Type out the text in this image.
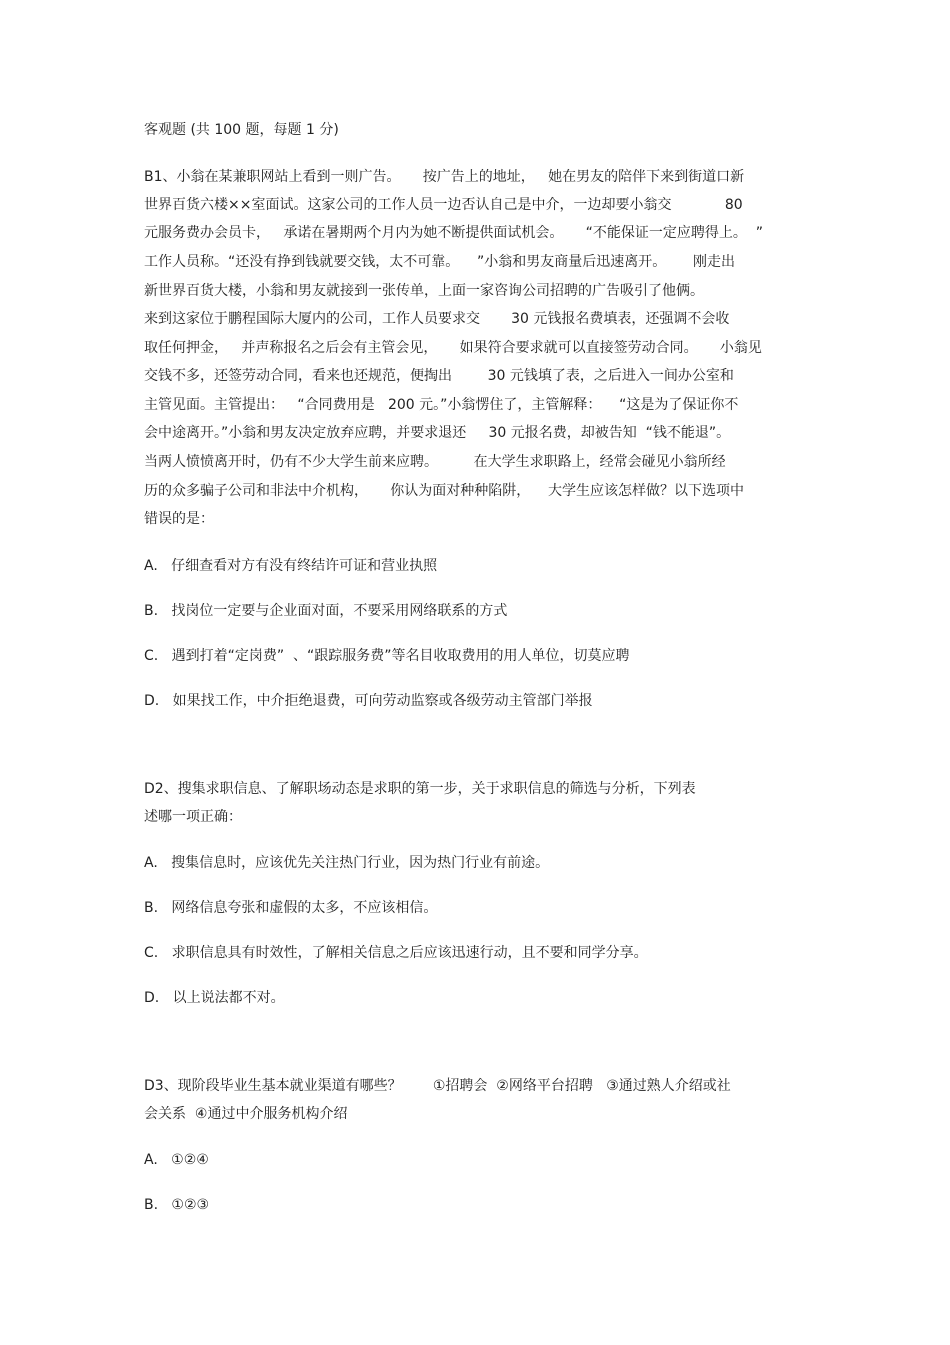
客观题 (共 100 题，每题 1 分)

B1、小翁在某兼职网站上看到一则广告。     按广告上的地址，   她在男友的陪伴下来到街道口新

世界百货六楼××室面试。这家公司的工作人员一边否认自己是中介，一边却要小翁交            80

元服务费办会员卡，   承诺在暑期两个月内为她不断提供面试机会。     “不能保证一定应聘得上。  ”

工作人员称。“还没有挣到钱就要交钱，太不可靠。    ”小翁和男友商量后迅速离开。      刚走出

新世界百货大楼，小翁和男友就接到一张传单，上面一家咨询公司招聘的广告吸引了他俩。

来到这家位于鹏程国际大厦内的公司，工作人员要求交       30 元钱报名费填表，还强调不会收

取任何押金，   并声称报名之后会有主管会见，     如果符合要求就可以直接签劳动合同。     小翁见

交钱不多，还签劳动合同，看来也还规范，便掏出        30 元钱填了表，之后进入一间办公室和

主管见面。主管提出：   “合同费用是   200 元。”小翁愣住了，主管解释：    “这是为了保证你不

会中途离开。”小翁和男友决定放弃应聘，并要求退还     30 元报名费，却被告知  “钱不能退”。

当两人愤愤离开时，仍有不少大学生前来应聘。        在大学生求职路上，经常会碰见小翁所经

历的众多骗子公司和非法中介机构，     你认为面对种种陷阱，    大学生应该怎样做？以下选项中

错误的是：

A. 仔细查看对方有没有终结许可证和营业执照
B. 找岗位一定要与企业面对面，不要采用网络联系的方式
C. 遇到打着“定岗费”  、“跟踪服务费”等名目收取费用的用人单位，切莫应聘
D. 如果找工作，中介拒绝退费，可向劳动监察或各级劳动主管部门举报

D2、搜集求职信息、了解职场动态是求职的第一步，关于求职信息的筛选与分析，下列表

述哪一项正确：

A. 搜集信息时，应该优先关注热门行业，因为热门行业有前途。
B. 网络信息夸张和虚假的太多，不应该相信。
C. 求职信息具有时效性，了解相关信息之后应该迅速行动，且不要和同学分享。
D. 以上说法都不对。

D3、现阶段毕业生基本就业渠道有哪些？       ①招聘会  ②网络平台招聘   ③通过熟人介绍或社

会关系  ④通过中介服务机构介绍

A. ①②④
B. ①②③
